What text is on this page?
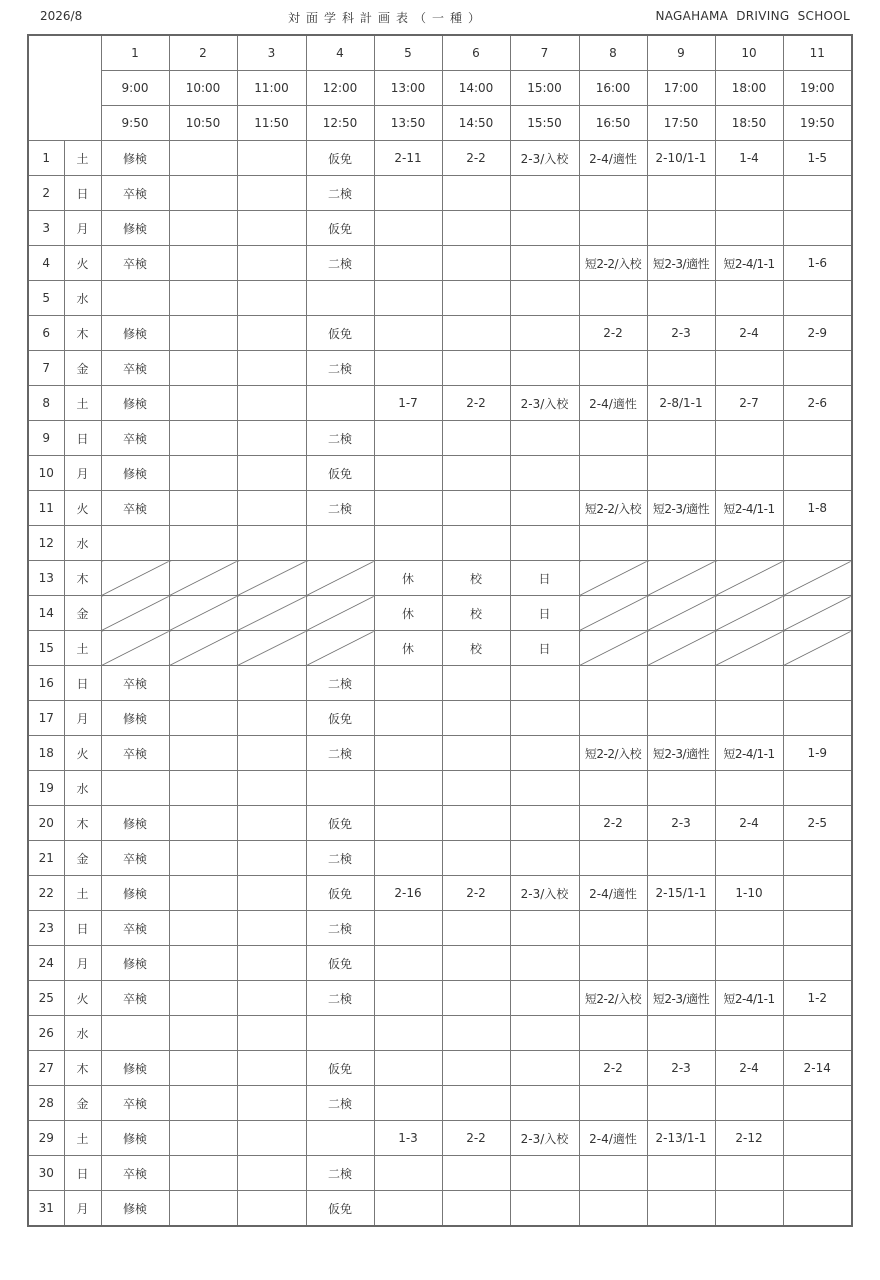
2026/8	対面学科計画表（一種）	NAGAHAMA DRIVING SCHOOL
		1	2	3	4	5	6	7	8	9	10	11
		9:00	10:00	11:00	12:00	13:00	14:00	15:00	16:00	17:00	18:00	19:00
		9:50	10:50	11:50	12:50	13:50	14:50	15:50	16:50	17:50	18:50	19:50
1	土	修検			仮免	2-11	2-2	2-3/入校	2-4/適性	2-10/1-1	1-4	1-5
2	日	卒検			二検							
3	月	修検			仮免							
4	火	卒検			二検				短2-2/入校	短2-3/適性	短2-4/1-1	1-6
5	水											
6	木	修検			仮免				2-2	2-3	2-4	2-9
7	金	卒検			二検							
8	土	修検				1-7	2-2	2-3/入校	2-4/適性	2-8/1-1	2-7	2-6
9	日	卒検			二検							
10	月	修検			仮免							
11	火	卒検			二検				短2-2/入校	短2-3/適性	短2-4/1-1	1-8
12	水											
13	木					休	校	日				
14	金					休	校	日				
15	土					休	校	日				
16	日	卒検			二検							
17	月	修検			仮免							
18	火	卒検			二検				短2-2/入校	短2-3/適性	短2-4/1-1	1-9
19	水											
20	木	修検			仮免				2-2	2-3	2-4	2-5
21	金	卒検			二検							
22	土	修検			仮免	2-16	2-2	2-3/入校	2-4/適性	2-15/1-1	1-10	
23	日	卒検			二検							
24	月	修検			仮免							
25	火	卒検			二検				短2-2/入校	短2-3/適性	短2-4/1-1	1-2
26	水											
27	木	修検			仮免				2-2	2-3	2-4	2-14
28	金	卒検			二検							
29	土	修検				1-3	2-2	2-3/入校	2-4/適性	2-13/1-1	2-12	
30	日	卒検			二検							
31	月	修検			仮免							
